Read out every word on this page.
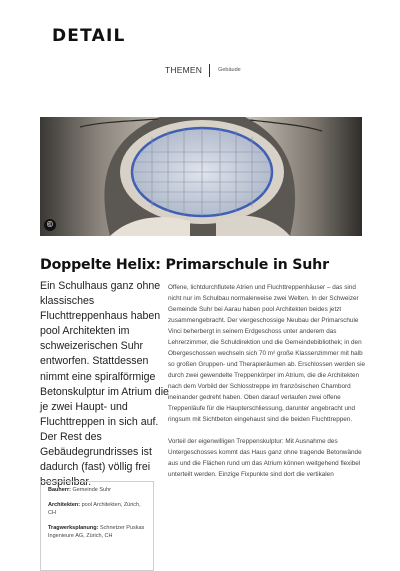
DETAIL
THEMEN	Gebäude
©
Doppelte Helix: Primarschule in Suhr
Ein Schulhaus ganz ohne klassisches Fluchttreppenhaus haben pool Architekten im schweizerischen Suhr entworfen. Stattdessen nimmt eine spiralförmige Betonskulptur im Atrium die je zwei Haupt- und Fluchttreppen in sich auf. Der Rest des Gebäudegrundrisses ist dadurch (fast) völlig frei bespielbar.

Offene, lichtdurchflutete Atrien und Fluchttreppenhäuser – das sind nicht nur im Schulbau normalerweise zwei Welten. In der Schweizer Gemeinde Suhr bei Aarau haben pool Architekten beides jetzt zusammengebracht. Der viergeschossige Neubau der Primarschule Vinci beherbergt in seinem Erdgeschoss unter anderem das Lehrerzimmer, die Schuldirektion und die Gemeindebibliothek; in den Obergeschossen wechseln sich 70 m² große Klassenzimmer mit halb so großen Gruppen- und Therapieräumen ab. Erschlossen werden sie durch zwei gewendelte Treppenkörper im Atrium, die die Architekten nach dem Vorbild der Schlosstreppe im französischen Chambord ineinander gedreht haben. Oben darauf verlaufen zwei offene Treppenläufe für die Haupterschliessung, darunter angebracht und ringsum mit Sichtbeton eingehaust sind die beiden Fluchttreppen.

Vorteil der eigenwilligen Treppenskulptur: Mit Ausnahme des Untergeschosses kommt das Haus ganz ohne tragende Betonwände aus und die Flächen rund um das Atrium können weitgehend flexibel unterteilt werden. Einzige Fixpunkte sind dort die vertikalen

Bauherr: Gemeinde Suhr
Architekten: pool Architekten, Zürich, CH
Tragwerksplanung: Schnetzer Puskas Ingenieure AG, Zürich, CH
